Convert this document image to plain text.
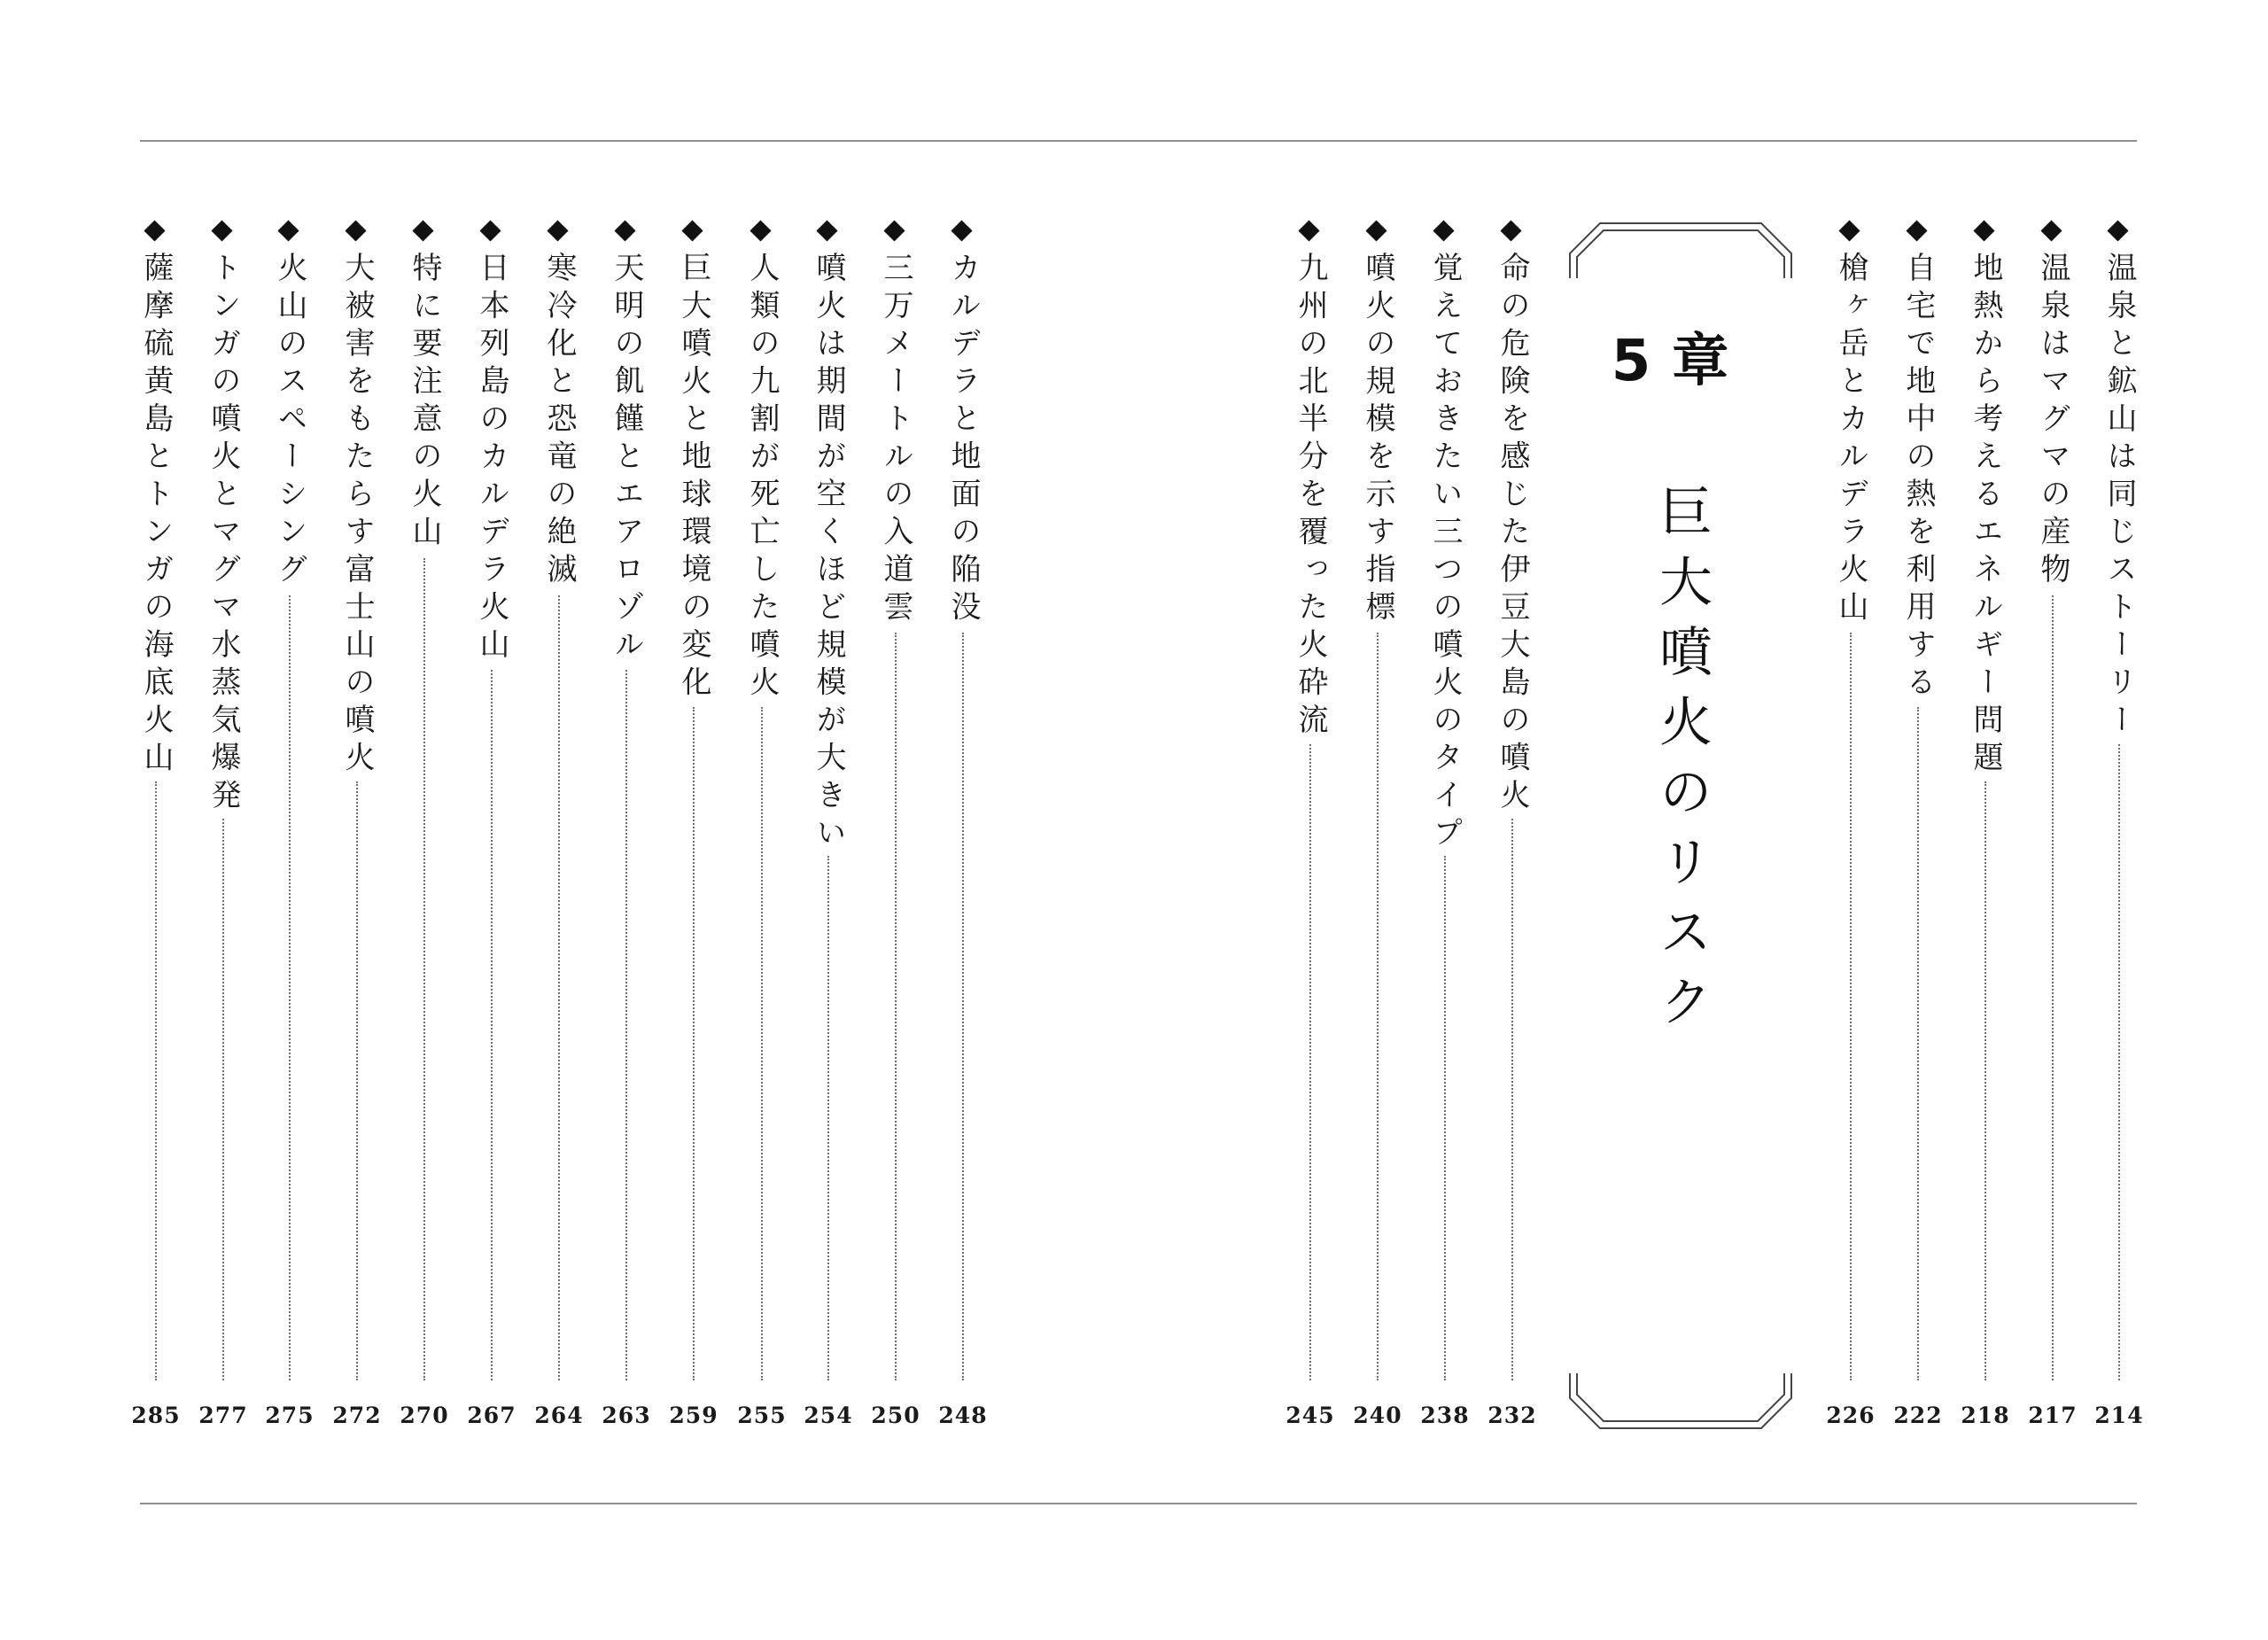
温泉と鉱山は同じストーリー
214
温泉はマグマの産物
217
地熱から考えるエネルギー問題
218
自宅で地中の熱を利用する
222
槍ヶ岳とカルデラ火山
226
5章
巨大噴火のリスク
命の危険を感じた伊豆大島の噴火
232
覚えておきたい三つの噴火のタイプ
238
噴火の規模を示す指標
240
九州の北半分を覆った火砕流
245
カルデラと地面の陥没
248
三万メートルの入道雲
250
噴火は期間が空くほど規模が大きい
254
人類の九割が死亡した噴火
255
巨大噴火と地球環境の変化
259
天明の飢饉とエアロゾル
263
寒冷化と恐竜の絶滅
264
日本列島のカルデラ火山
267
特に要注意の火山
270
大被害をもたらす富士山の噴火
272
火山のスペーシング
275
トンガの噴火とマグマ水蒸気爆発
277
薩摩硫黄島とトンガの海底火山
285
